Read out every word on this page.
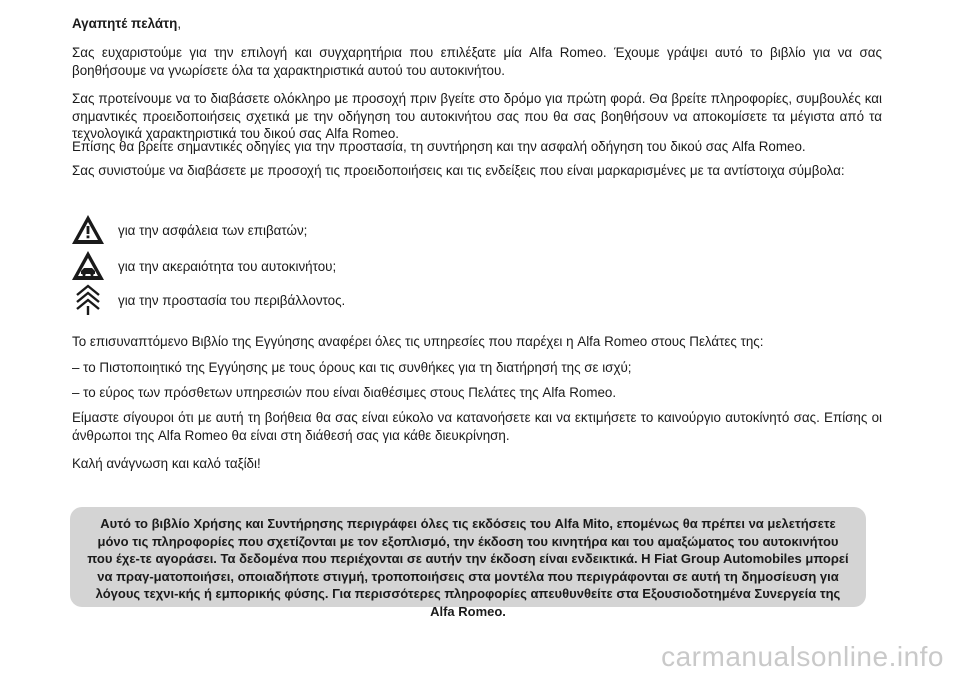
Αγαπητέ πελάτη,
Σας ευχαριστούμε για την επιλογή και συγχαρητήρια που επιλέξατε μία Alfa Romeo. Έχουμε γράψει αυτό το βιβλίο για να σας βοηθήσουμε να γνωρίσετε όλα τα χαρακτηριστικά αυτού του αυτοκινήτου.
Σας προτείνουμε να το διαβάσετε ολόκληρο με προσοχή πριν βγείτε στο δρόμο για πρώτη φορά. Θα βρείτε πληροφορίες, συμβουλές και σημαντικές προειδοποιήσεις σχετικά με την οδήγηση του αυτοκινήτου σας που θα σας βοηθήσουν να αποκομίσετε τα μέγιστα από τα τεχνολογικά χαρακτηριστικά του δικού σας Alfa Romeo.
Επίσης θα βρείτε σημαντικές οδηγίες για την προστασία, τη συντήρηση και την ασφαλή οδήγηση του δικού σας Alfa Romeo.
Σας συνιστούμε να διαβάσετε με προσοχή τις προειδοποιήσεις και τις ενδείξεις που είναι μαρκαρισμένες με τα αντίστοιχα σύμβολα:
για την ασφάλεια των επιβατών;
για την ακεραιότητα του αυτοκινήτου;
για την προστασία του περιβάλλοντος.
Το επισυναπτόμενο Βιβλίο της Εγγύησης αναφέρει όλες τις υπηρεσίες που παρέχει η Alfa Romeo στους Πελάτες της:
– το Πιστοποιητικό της Εγγύησης με τους όρους και τις συνθήκες για τη διατήρησή της σε ισχύ;
– το εύρος των πρόσθετων υπηρεσιών που είναι διαθέσιμες στους Πελάτες της Alfa Romeo.
Είμαστε σίγουροι ότι με αυτή τη βοήθεια θα σας είναι εύκολο να κατανοήσετε και να εκτιμήσετε το καινούργιο αυτοκίνητό σας. Επίσης οι άνθρωποι της Alfa Romeo θα είναι στη διάθεσή σας για κάθε διευκρίνηση.
Καλή ανάγνωση και καλό ταξίδι!

Αυτό το βιβλίο Χρήσης και Συντήρησης περιγράφει όλες τις εκδόσεις του Alfa Mito, επομένως θα πρέπει να μελετήσετε μόνο τις πληροφορίες που σχετίζονται με τον εξοπλισμό, την έκδοση του κινητήρα και του αμαξώματος του αυτοκινήτου που έχε-τε αγοράσει. Τα δεδομένα που περιέχονται σε αυτήν την έκδοση είναι ενδεικτικά. Η Fiat Group Automobiles μπορεί να πραγ-ματοποιήσει, οποιαδήποτε στιγμή, τροποποιήσεις στα μοντέλα που περιγράφονται σε αυτή τη δημοσίευση για λόγους τεχνι-κής ή εμπορικής φύσης. Για περισσότερες πληροφορίες απευθυνθείτε στα Εξουσιοδοτημένα Συνεργεία της Alfa Romeo.

carmanualsonline.info
